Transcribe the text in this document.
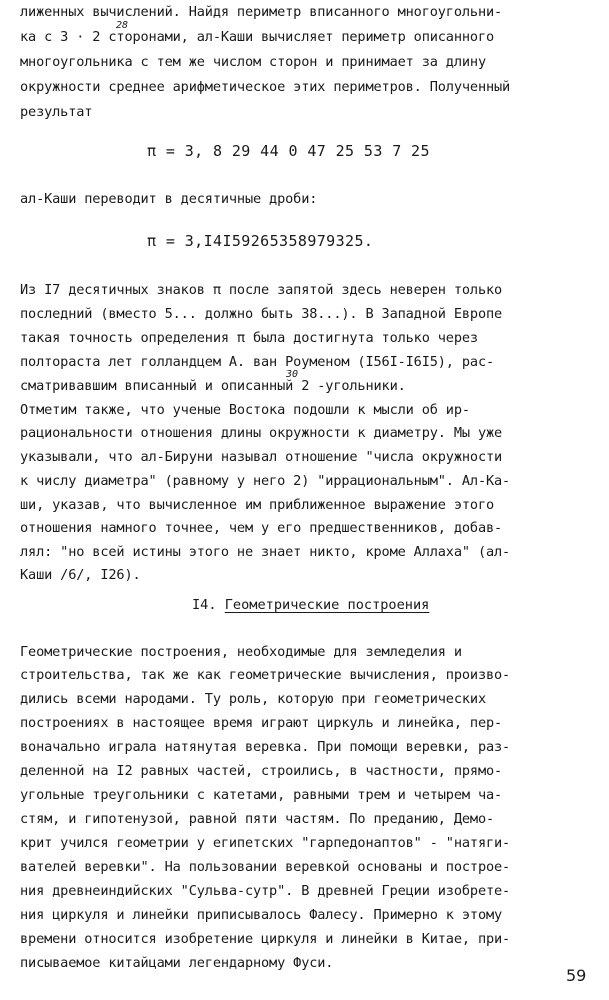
лиженных вычислений. Найдя периметр вписанного многоугольни-
ка с 3 · 2 сторонами, ал-Каши вычисляет периметр описанного
28
многоугольника с тем же числом сторон и принимает за длину
окружности среднее арифметическое этих периметров. Полученный
результат
π = 3, 8 29 44 0 47 25 53 7 25
ал-Каши переводит в десятичные дроби:
π = 3,I4I59265358979325.
Из I7 десятичных знаков π после запятой здесь неверен только
последний (вместо 5... должно быть 38...). В Западной Европе
такая точность определения π была достигнута только через
полтораста лет голландцем А. ван Роуменом (I56I-I6I5), рас-
сматривавшим вписанный и описанный 2 -угольники.
30
Отметим также, что ученые Востока подошли к мысли об ир-
рациональности отношения длины окружности к диаметру. Мы уже
указывали, что ал-Бируни называл отношение "числа окружности
к числу диаметра" (равному у него 2) "иррациональным". Ал-Ка-
ши, указав, что вычисленное им приближенное выражение этого
отношения намного точнее, чем у его предшественников, добав-
лял: "но всей истины этого не знает никто, кроме Аллаха" (ал-
Каши /6/, I26).
I4. Геометрические построения
Геометрические построения, необходимые для земледелия и
строительства, так же как геометрические вычисления, произво-
дились всеми народами. Ту роль, которую при геометрических
построениях в настоящее время играют циркуль и линейка, пер-
воначально играла натянутая веревка. При помощи веревки, раз-
деленной на I2 равных частей, строились, в частности, прямо-
угольные треугольники с катетами, равными трем и четырем ча-
стям, и гипотенузой, равной пяти частям. По преданию, Демо-
крит учился геометрии у египетских "гарпедонаптов" - "натяги-
вателей веревки". На пользовании веревкой основаны и построе-
ния древнеиндийских "Сульва-сутр". В древней Греции изобрете-
ния циркуля и линейки приписывалось Фалесу. Примерно к этому
времени относится изобретение циркуля и линейки в Китае, при-
писываемое китайцами легендарному Фуси.
59
